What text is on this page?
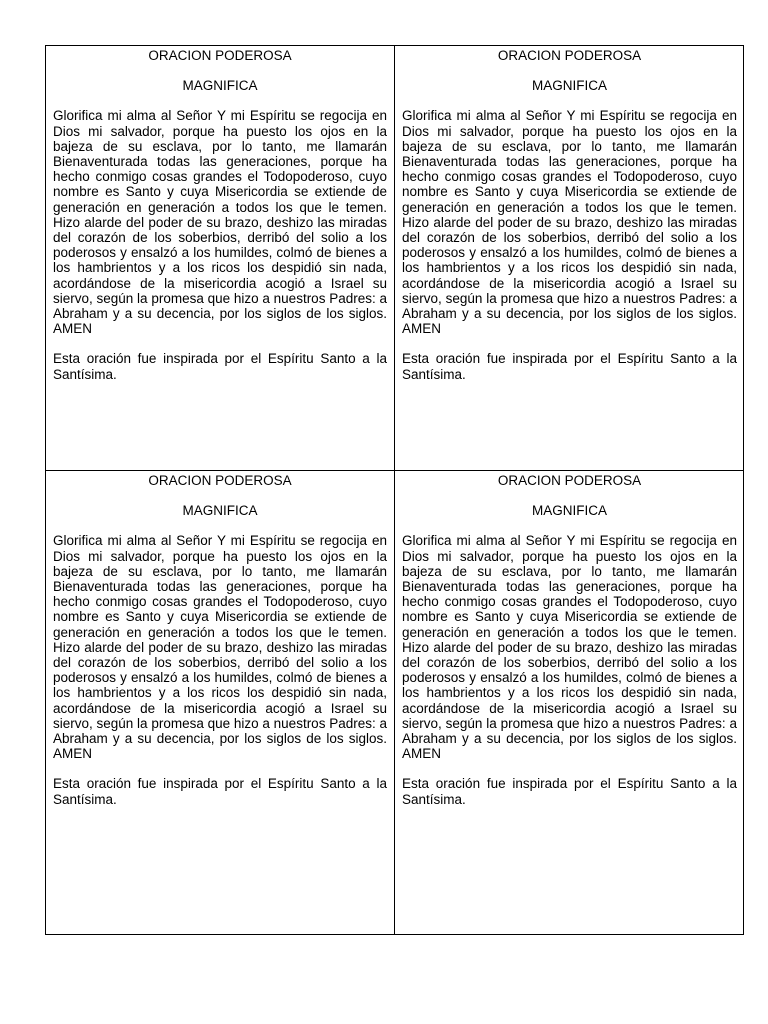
ORACION PODEROSA

MAGNIFICA

Glorifica mi alma al Señor Y mi Espíritu se regocija en Dios mi salvador, porque ha puesto los ojos en la bajeza de su esclava, por lo tanto, me llamarán Bienaventurada todas las generaciones, porque ha hecho conmigo cosas grandes el Todopoderoso, cuyo nombre es Santo y cuya Misericordia se extiende de generación en generación a todos los que le temen. Hizo alarde del poder de su brazo, deshizo las miradas del corazón de los soberbios, derribó del solio a los poderosos y ensalzó a los humildes, colmó de bienes a los hambrientos y a los ricos los despidió sin nada, acordándose de la misericordia acogió a Israel su siervo, según la promesa que hizo a nuestros Padres: a Abraham y a su decencia, por los siglos de los siglos. AMEN

Esta oración fue inspirada por el Espíritu Santo a la Santísima.

ORACION PODEROSA

MAGNIFICA

Glorifica mi alma al Señor Y mi Espíritu se regocija en Dios mi salvador, porque ha puesto los ojos en la bajeza de su esclava, por lo tanto, me llamarán Bienaventurada todas las generaciones, porque ha hecho conmigo cosas grandes el Todopoderoso, cuyo nombre es Santo y cuya Misericordia se extiende de generación en generación a todos los que le temen. Hizo alarde del poder de su brazo, deshizo las miradas del corazón de los soberbios, derribó del solio a los poderosos y ensalzó a los humildes, colmó de bienes a los hambrientos y a los ricos los despidió sin nada, acordándose de la misericordia acogió a Israel su siervo, según la promesa que hizo a nuestros Padres: a Abraham y a su decencia, por los siglos de los siglos. AMEN

Esta oración fue inspirada por el Espíritu Santo a la Santísima.

ORACION PODEROSA

MAGNIFICA

Glorifica mi alma al Señor Y mi Espíritu se regocija en Dios mi salvador, porque ha puesto los ojos en la bajeza de su esclava, por lo tanto, me llamarán Bienaventurada todas las generaciones, porque ha hecho conmigo cosas grandes el Todopoderoso, cuyo nombre es Santo y cuya Misericordia se extiende de generación en generación a todos los que le temen. Hizo alarde del poder de su brazo, deshizo las miradas del corazón de los soberbios, derribó del solio a los poderosos y ensalzó a los humildes, colmó de bienes a los hambrientos y a los ricos los despidió sin nada, acordándose de la misericordia acogió a Israel su siervo, según la promesa que hizo a nuestros Padres: a Abraham y a su decencia, por los siglos de los siglos. AMEN

Esta oración fue inspirada por el Espíritu Santo a la Santísima.

ORACION PODEROSA

MAGNIFICA

Glorifica mi alma al Señor Y mi Espíritu se regocija en Dios mi salvador, porque ha puesto los ojos en la bajeza de su esclava, por lo tanto, me llamarán Bienaventurada todas las generaciones, porque ha hecho conmigo cosas grandes el Todopoderoso, cuyo nombre es Santo y cuya Misericordia se extiende de generación en generación a todos los que le temen. Hizo alarde del poder de su brazo, deshizo las miradas del corazón de los soberbios, derribó del solio a los poderosos y ensalzó a los humildes, colmó de bienes a los hambrientos y a los ricos los despidió sin nada, acordándose de la misericordia acogió a Israel su siervo, según la promesa que hizo a nuestros Padres: a Abraham y a su decencia, por los siglos de los siglos. AMEN

Esta oración fue inspirada por el Espíritu Santo a la Santísima.
